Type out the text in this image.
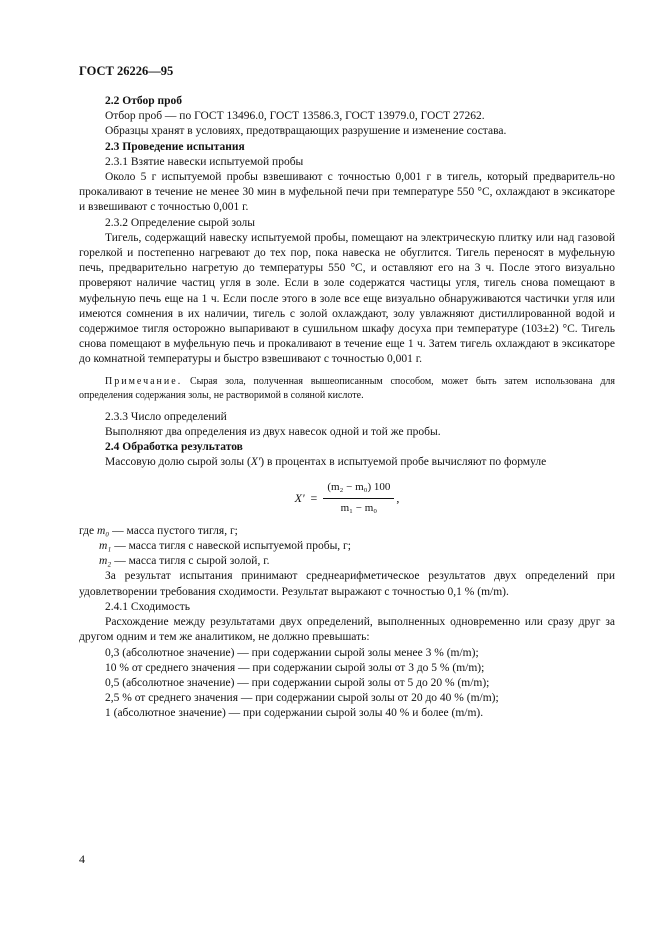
ГОСТ 26226—95

2.2 Отбор проб

Отбор проб — по ГОСТ 13496.0, ГОСТ 13586.3, ГОСТ 13979.0, ГОСТ 27262.

Образцы хранят в условиях, предотвращающих разрушение и изменение состава.

2.3 Проведение испытания

2.3.1 Взятие навески испытуемой пробы

Около 5 г испытуемой пробы взвешивают с точностью 0,001 г в тигель, который предваритель-но прокаливают в течение не менее 30 мин в муфельной печи при температуре 550 °С, охлаждают в эксикаторе и взвешивают с точностью 0,001 г.

2.3.2 Определение сырой золы

Тигель, содержащий навеску испытуемой пробы, помещают на электрическую плитку или над газовой горелкой и постепенно нагревают до тех пор, пока навеска не обуглится. Тигель переносят в муфельную печь, предварительно нагретую до температуры 550 °С, и оставляют его на 3 ч. После этого визуально проверяют наличие частиц угля в золе. Если в золе содержатся частицы угля, тигель снова помещают в муфельную печь еще на 1 ч. Если после этого в золе все еще визуально обнаруживаются частички угля или имеются сомнения в их наличии, тигель с золой охлаждают, золу увлажняют дистиллированной водой и содержимое тигля осторожно выпаривают в сушильном шкафу досуха при температуре (103±2) °С. Тигель снова помещают в муфельную печь и прокаливают в течение еще 1 ч. Затем тигель охлаждают в эксикаторе до комнатной температуры и быстро взвешивают с точностью 0,001 г.

Примечание. Сырая зола, полученная вышеописанным способом, может быть затем использована для определения содержания золы, не растворимой в соляной кислоте.

2.3.3 Число определений

Выполняют два определения из двух навесок одной и той же пробы.

2.4 Обработка результатов

Массовую долю сырой золы (X') в процентах в испытуемой пробе вычисляют по формуле

$X' = \frac{\text{(m₂ − m₀) 100}}{\text{m₁ − m₀}}$ ,

где m₀ — масса пустого тигля, г;

m₁ — масса тигля с навеской испытуемой пробы, г;

m₂ — масса тигля с сырой золой, г.

За результат испытания принимают среднеарифметическое результатов двух определений при удовлетворении требования сходимости. Результат выражают с точностью 0,1 % (m/m).

2.4.1 Сходимость

Расхождение между результатами двух определений, выполненных одновременно или сразу друг за другом одним и тем же аналитиком, не должно превышать:

0,3 (абсолютное значение) — при содержании сырой золы менее 3 % (m/m);

10 % от среднего значения — при содержании сырой золы от 3 до 5 % (m/m);

0,5 (абсолютное значение) — при содержании сырой золы от 5 до 20 % (m/m);

2,5 % от среднего значения — при содержании сырой золы от 20 до 40 % (m/m);

1 (абсолютное значение) — при содержании сырой золы 40 % и более (m/m).

4
